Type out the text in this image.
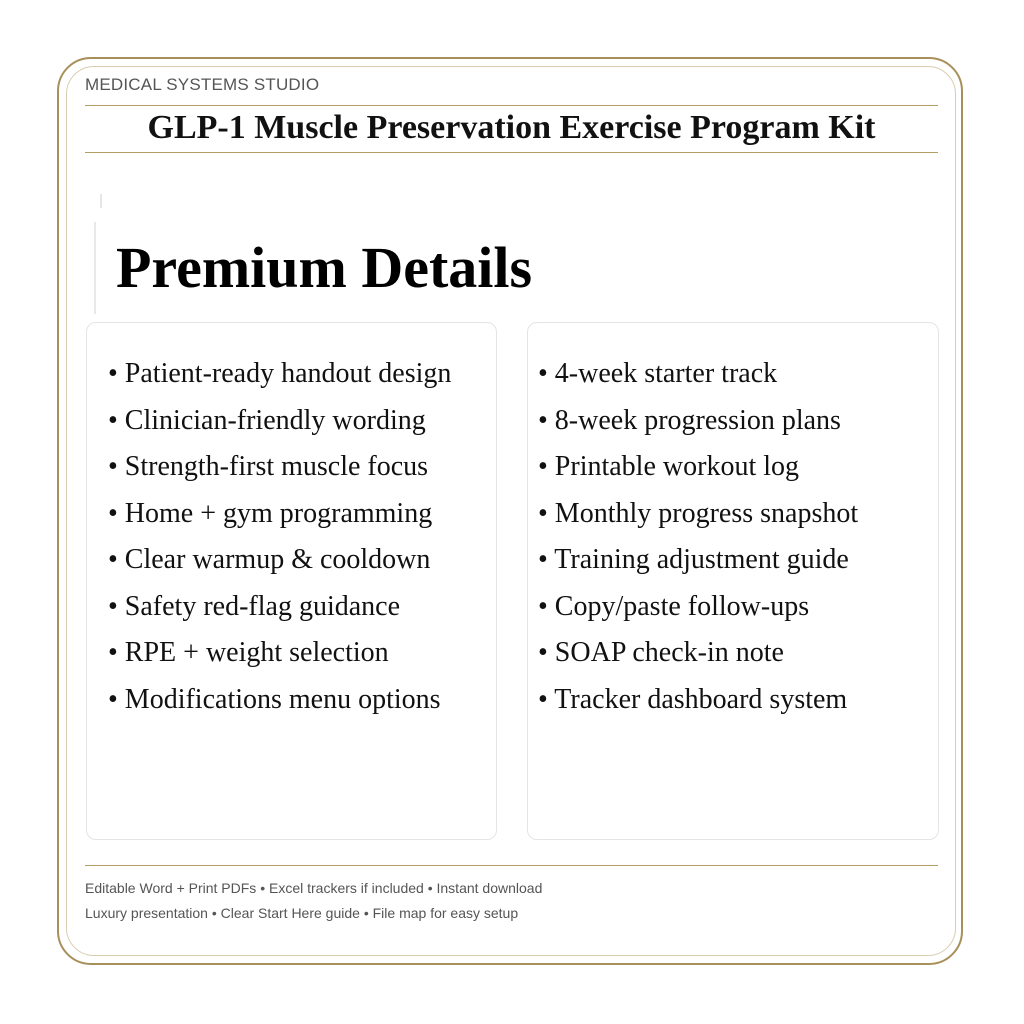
MEDICAL SYSTEMS STUDIO
GLP-1 Muscle Preservation Exercise Program Kit
Premium Details
• Patient-ready handout design
• Clinician-friendly wording
• Strength-first muscle focus
• Home + gym programming
• Clear warmup & cooldown
• Safety red-flag guidance
• RPE + weight selection
• Modifications menu options
• 4-week starter track
• 8-week progression plans
• Printable workout log
• Monthly progress snapshot
• Training adjustment guide
• Copy/paste follow-ups
• SOAP check-in note
• Tracker dashboard system
Editable Word + Print PDFs • Excel trackers if included • Instant download
Luxury presentation • Clear Start Here guide • File map for easy setup
